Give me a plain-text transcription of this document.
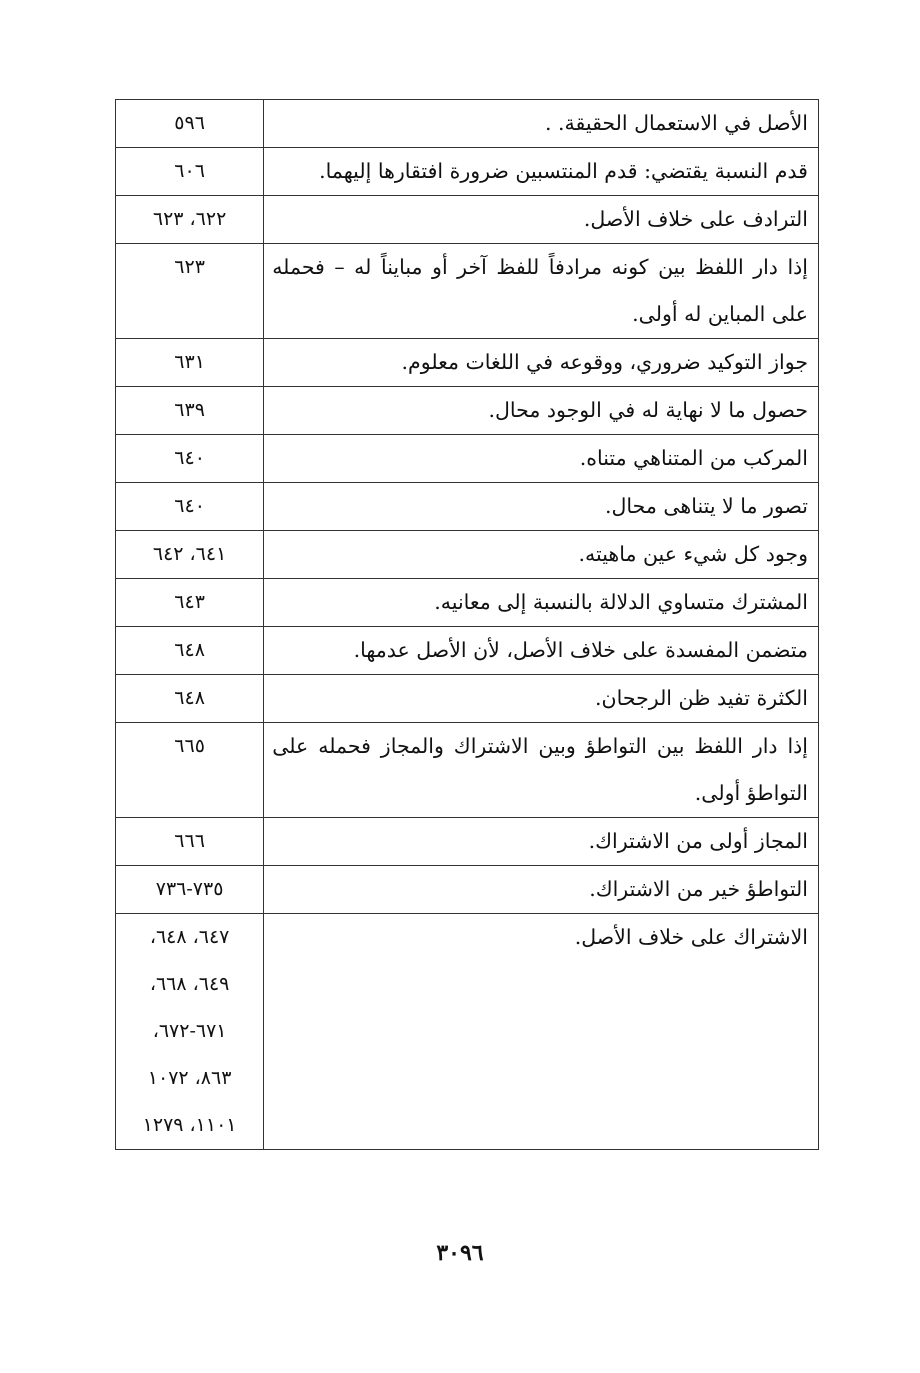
الأصل في الاستعمال الحقيقة. .	٥٩٦

قدم النسبة يقتضي: قدم المنتسبين ضرورة افتقارها إليهما.	٦٠٦

الترادف على خلاف الأصل.	٦٢٢، ٦٢٣

إذا دار اللفظ بين كونه مرادفاً للفظ آخر أو مبايناً له – فحمله على المباين له أولى.	٦٢٣

جواز التوكيد ضروري، ووقوعه في اللغات معلوم.	٦٣١

حصول ما لا نهاية له في الوجود محال.	٦٣٩

المركب من المتناهي متناه.	٦٤٠

تصور ما لا يتناهى محال.	٦٤٠

وجود كل شيء عين ماهيته.	٦٤١، ٦٤٢

المشترك متساوي الدلالة بالنسبة إلى معانيه.	٦٤٣

متضمن المفسدة على خلاف الأصل، لأن الأصل عدمها.	٦٤٨

الكثرة تفيد ظن الرجحان.	٦٤٨

إذا دار اللفظ بين التواطؤ وبين الاشتراك والمجاز فحمله على التواطؤ أولى.	٦٦٥

المجاز أولى من الاشتراك.	٦٦٦

التواطؤ خير من الاشتراك.	٧٣٥-٧٣٦

الاشتراك على خلاف الأصل.	٦٤٧، ٦٤٨،
٦٤٩، ٦٦٨،
٦٧١-٦٧٢،
٨٦٣، ١٠٧٢
١١٠١، ١٢٧٩
٣٠٩٦
